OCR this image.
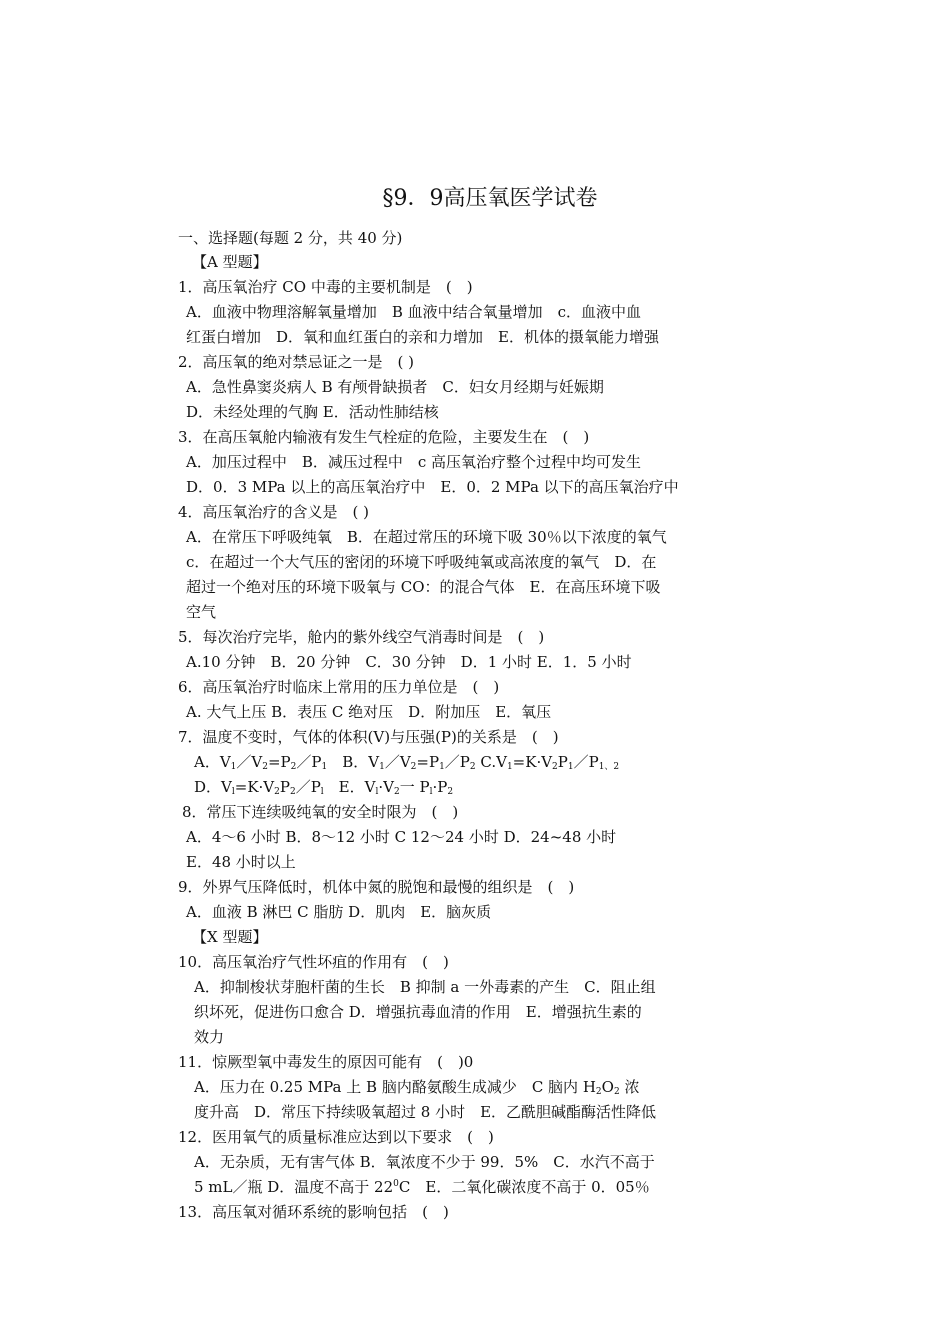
§9．9高压氧医学试卷
一、选择题(每题 2 分，共 40 分)
【A 型题】
1．高压氧治疗 CO 中毒的主要机制是　(　)
A．血液中物理溶解氧量增加　B 血液中结合氧量增加　c．血液中血
红蛋白增加　D．氧和血红蛋白的亲和力增加　E．机体的摄氧能力增强
2．高压氧的绝对禁忌证之一是　( )
A．急性鼻窦炎病人 B 有颅骨缺损者　C．妇女月经期与妊娠期
D．未经处理的气胸 E．活动性肺结核
3．在高压氧舱内输液有发生气栓症的危险，主要发生在　(　)
A．加压过程中　B．减压过程中　c 高压氧治疗整个过程中均可发生
D．0．3 MPa 以上的高压氧治疗中　E．0．2 MPa 以下的高压氧治疗中
4．高压氧治疗的含义是　( )
A．在常压下呼吸纯氧　B．在超过常压的环境下吸 30％以下浓度的氧气
c．在超过一个大气压的密闭的环境下呼吸纯氧或高浓度的氧气　D．在
超过一个绝对压的环境下吸氧与 CO：的混合气体　E．在高压环境下吸
空气
5．每次治疗完毕，舱内的紫外线空气消毒时间是　(　)
A.10 分钟　B．20 分钟　C．30 分钟　D．1 小时 E．1．5 小时
6．高压氧治疗时临床上常用的压力单位是　(　)
A. 大气上压 B．表压 C 绝对压　D．附加压　E．氧压
7．温度不变时，气体的体积(V)与压强(P)的关系是　(　)
A．$V_1/V_2=P_2/P_1$　B．$V_1/V_2=P_1/P_2$ $C.V_1=K\cdot V_2P_1/P_{1、2}$
D．$V_l=K\cdot V_2P_2/P_l$　E．$V_l\cdot V_2$一 $P_l\cdot P_2$
8．常压下连续吸纯氧的安全时限为　(　)
A．4～6 小时 B．8～12 小时 C 12～24 小时 D．24~48 小时
E．48 小时以上
9．外界气压降低时，机体中氮的脱饱和最慢的组织是　(　)
A．血液 B 淋巴 C 脂肪 D．肌肉　E．脑灰质
【X 型题】
10．高压氧治疗气性坏疽的作用有　(　)
A．抑制梭状芽胞杆菌的生长　B 抑制 a 一外毒素的产生　C．阻止组
织坏死，促进伤口愈合 D．增强抗毒血清的作用　E．增强抗生素的
效力
11．惊厥型氧中毒发生的原因可能有　(　)0
A．压力在 0.25 MPa 上 B 脑内酪氨酸生成减少　C 脑内 $H_2O_2$ 浓
度升高　D．常压下持续吸氧超过 8 小时　E．乙酰胆碱酯酶活性降低
12．医用氧气的质量标准应达到以下要求　(　)
A．无杂质，无有害气体 B．氧浓度不少于 99．5%　C．水汽不高于
5 mL／瓶 D．温度不高于 $22^0C$　E．二氧化碳浓度不高于 0．05％
13．高压氧对循环系统的影响包括　(　)
